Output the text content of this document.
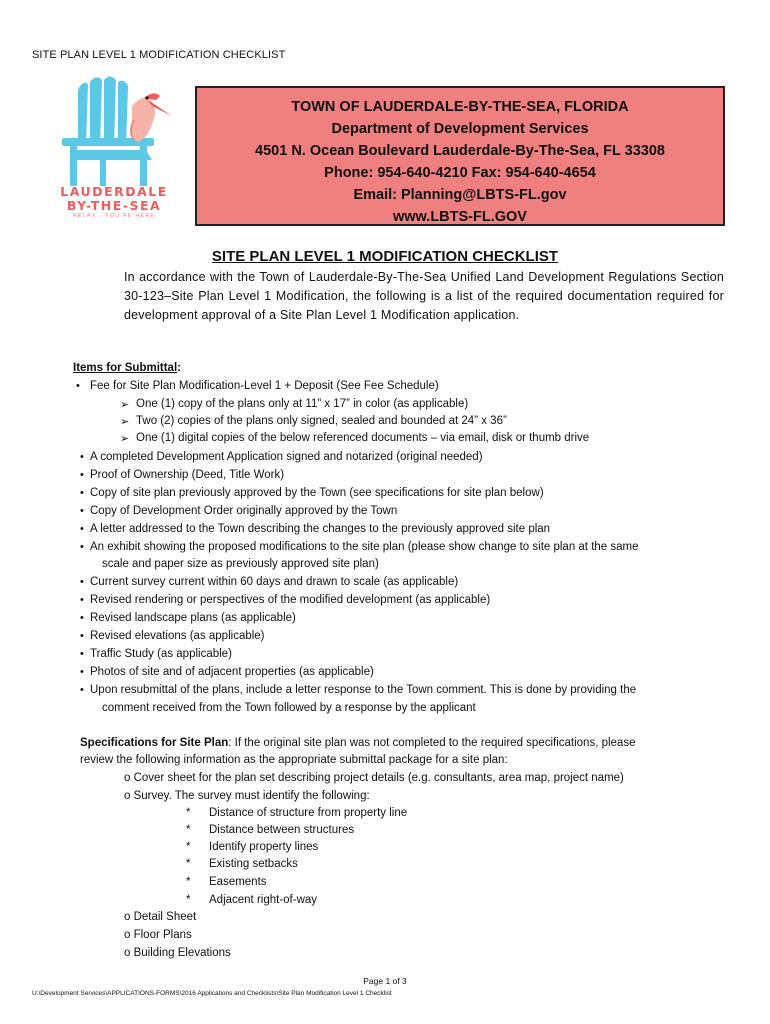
SITE PLAN LEVEL 1 MODIFICATION CHECKLIST
LAUDERDALE
BY-THE-SEA
RELAX...YOU'RE HERE
TOWN OF LAUDERDALE-BY-THE-SEA, FLORIDA
Department of Development Services
4501 N. Ocean Boulevard Lauderdale-By-The-Sea, FL 33308
Phone: 954-640-4210 Fax: 954-640-4654
Email: Planning@LBTS-FL.gov
www.LBTS-FL.GOV
SITE PLAN LEVEL 1 MODIFICATION CHECKLIST
In accordance with the Town of Lauderdale-By-The-Sea Unified Land Development Regulations Section 30-123–Site Plan Level 1 Modification, the following is a list of the required documentation required for development approval of a Site Plan Level 1 Modification application.
Items for Submittal:
• Fee for Site Plan Modification-Level 1 + Deposit (See Fee Schedule)
➢ One (1) copy of the plans only at 11” x 17” in color (as applicable)
➢ Two (2) copies of the plans only signed, sealed and bounded at 24” x 36”
➢ One (1) digital copies of the below referenced documents – via email, disk or thumb drive
• A completed Development Application signed and notarized (original needed)
• Proof of Ownership (Deed, Title Work)
• Copy of site plan previously approved by the Town (see specifications for site plan below)
• Copy of Development Order originally approved by the Town
• A letter addressed to the Town describing the changes to the previously approved site plan
• An exhibit showing the proposed modifications to the site plan (please show change to site plan at the same
scale and paper size as previously approved site plan)
• Current survey current within 60 days and drawn to scale (as applicable)
• Revised rendering or perspectives of the modified development (as applicable)
• Revised landscape plans (as applicable)
• Revised elevations (as applicable)
• Traffic Study (as applicable)
• Photos of site and of adjacent properties (as applicable)
• Upon resubmittal of the plans, include a letter response to the Town comment. This is done by providing the
comment received from the Town followed by a response by the applicant
Specifications for Site Plan: If the original site plan was not completed to the required specifications, please
review the following information as the appropriate submittal package for a site plan:
o Cover sheet for the plan set describing project details (e.g. consultants, area map, project name)
o Survey. The survey must identify the following:
* Distance of structure from property line
* Distance between structures
* Identify property lines
* Existing setbacks
* Easements
* Adjacent right-of-way
o Detail Sheet
o Floor Plans
o Building Elevations
Page 1 of 3
U:\Development Services\APPLICATIONS-FORMS\2016 Applications and Checklists\Site Plan Modification Level 1 Checklist
